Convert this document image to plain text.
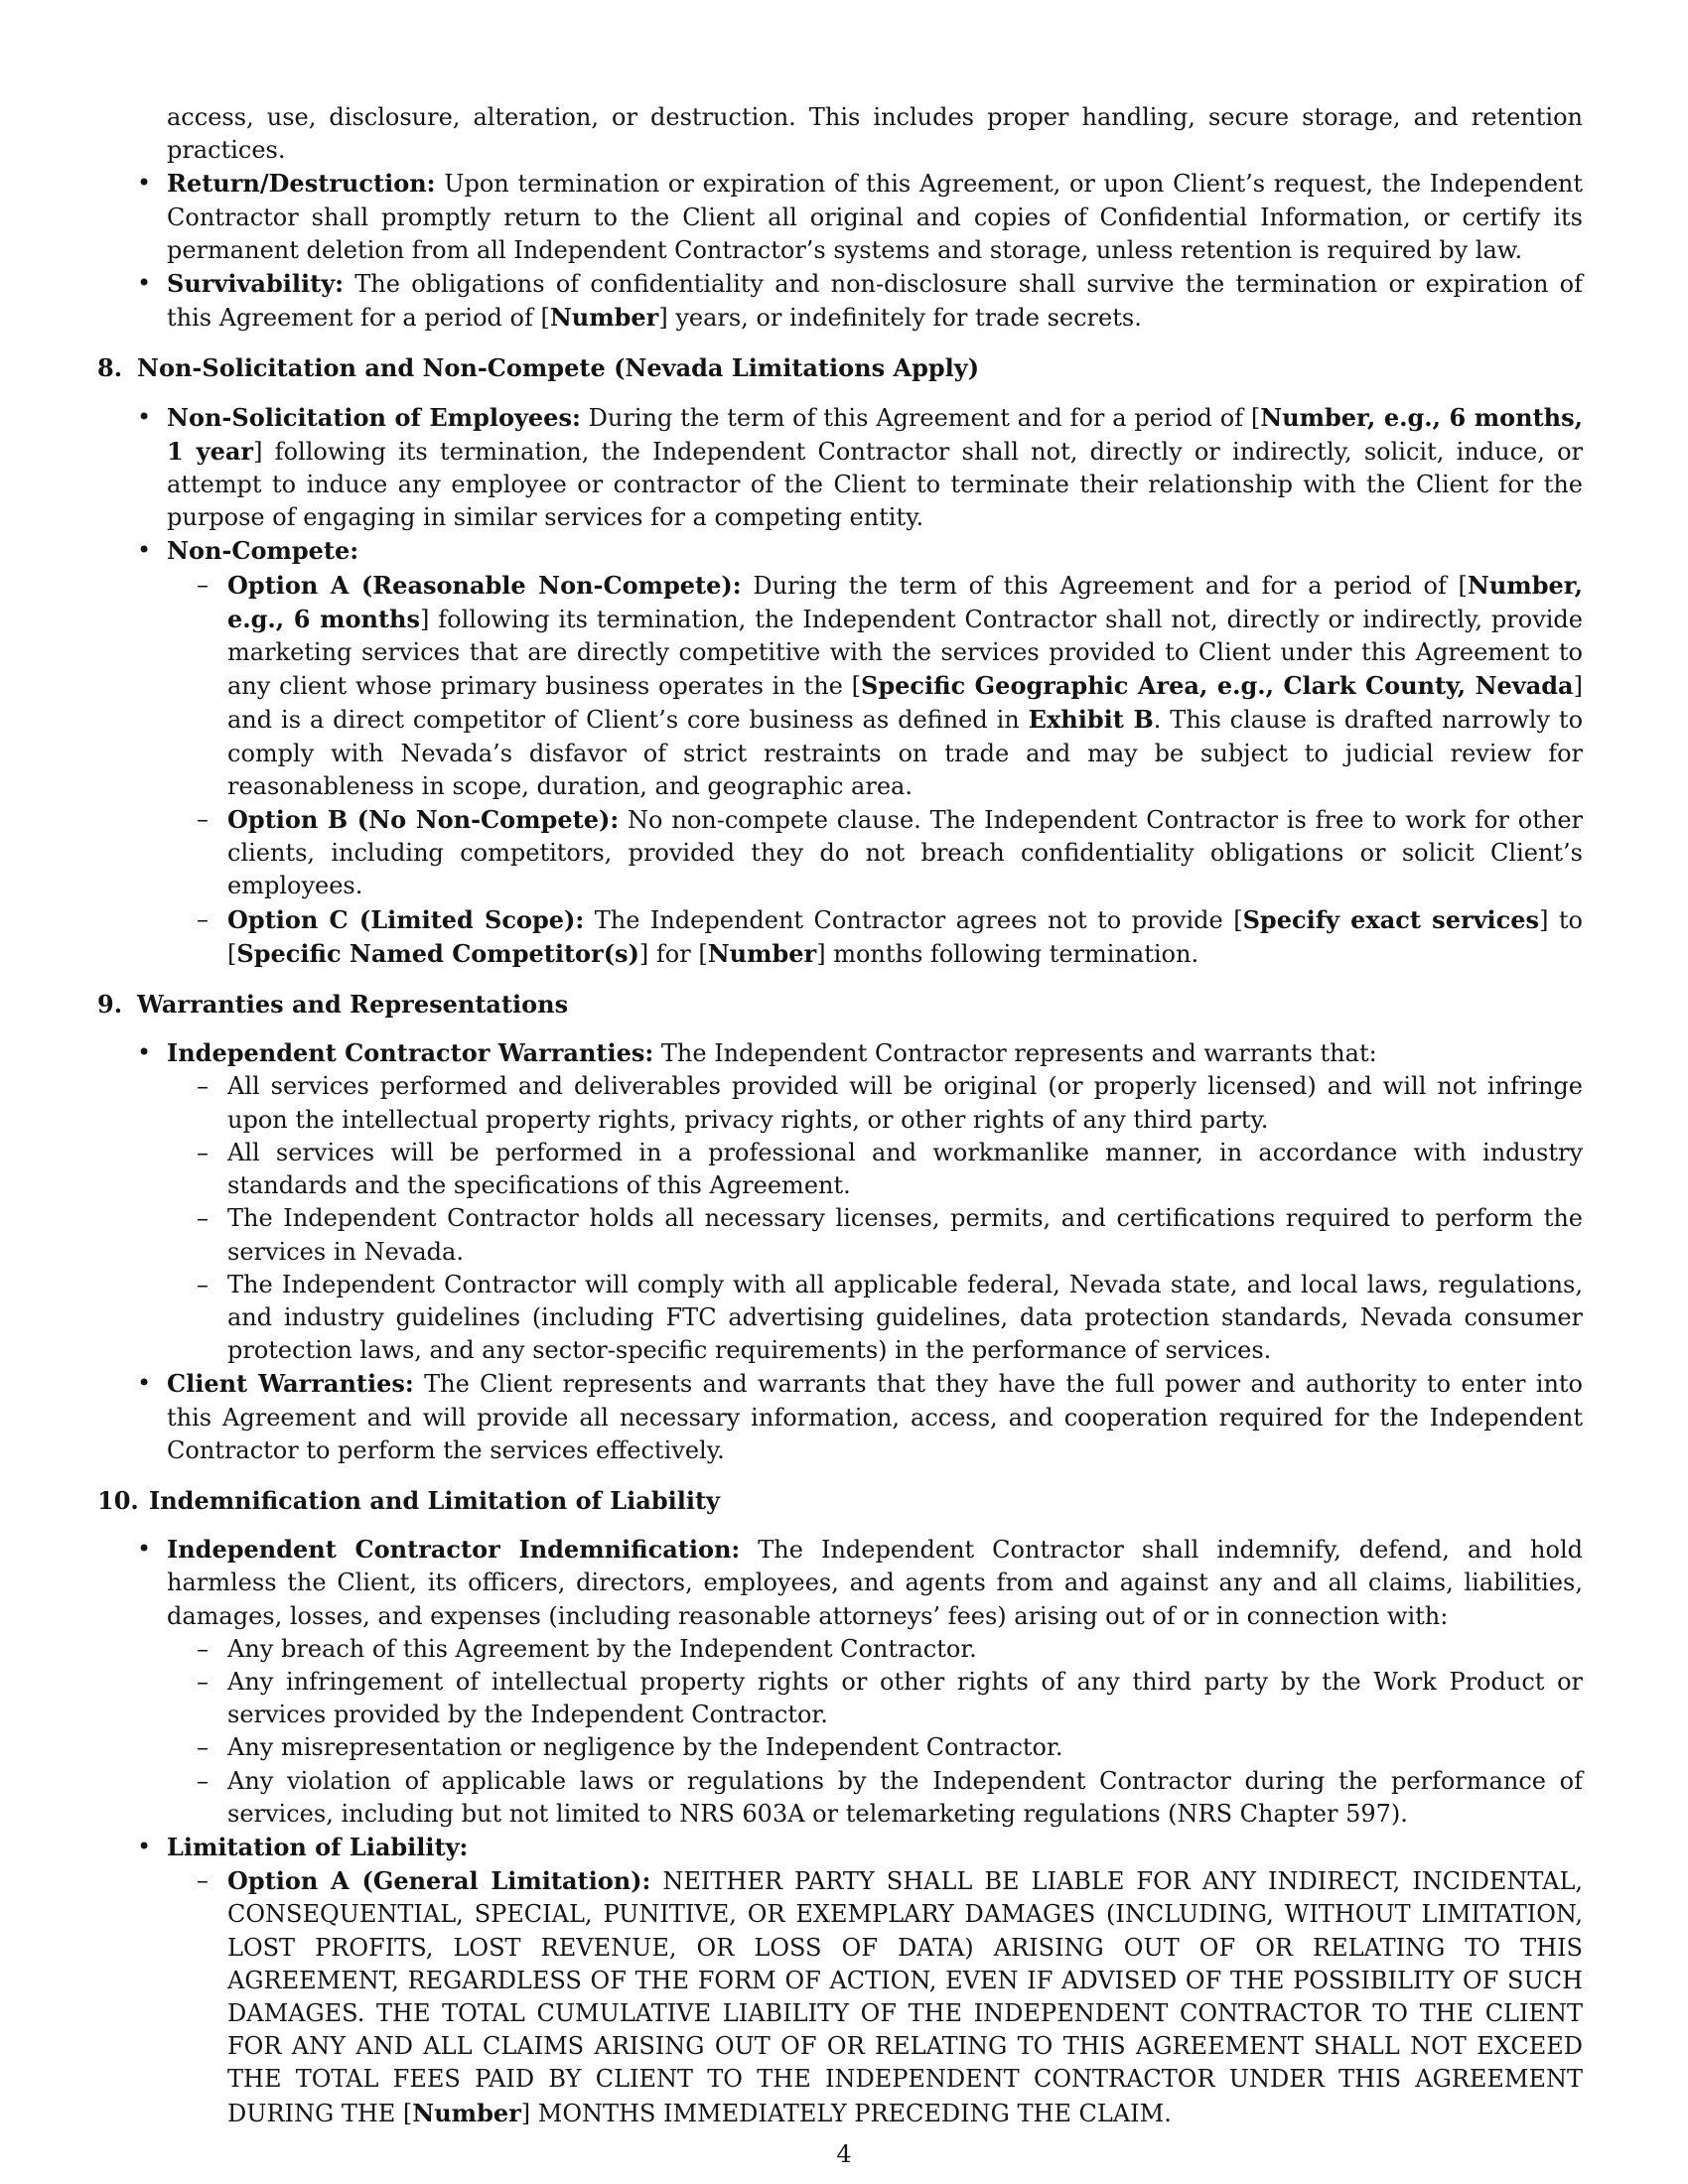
access, use, disclosure, alteration, or destruction. This includes proper handling, secure storage, and retention practices.

• Return/Destruction: Upon termination or expiration of this Agreement, or upon Client’s request, the Independent Contractor shall promptly return to the Client all original and copies of Confidential Information, or certify its permanent deletion from all Independent Contractor’s systems and storage, unless retention is required by law.

• Survivability: The obligations of confidentiality and non-disclosure shall survive the termination or expiration of this Agreement for a period of [Number] years, or indefinitely for trade secrets.

8. Non-Solicitation and Non-Compete (Nevada Limitations Apply)
• Non-Solicitation of Employees: During the term of this Agreement and for a period of [Number, e.g., 6 months, 1 year] following its termination, the Independent Contractor shall not, directly or indirectly, solicit, induce, or attempt to induce any employee or contractor of the Client to terminate their relationship with the Client for the purpose of engaging in similar services for a competing entity.

• Non-Compete:

– Option A (Reasonable Non-Compete): During the term of this Agreement and for a period of [Number, e.g., 6 months] following its termination, the Independent Contractor shall not, directly or indirectly, provide marketing services that are directly competitive with the services provided to Client under this Agreement to any client whose primary business operates in the [Specific Geographic Area, e.g., Clark County, Nevada] and is a direct competitor of Client’s core business as defined in Exhibit B. This clause is drafted narrowly to comply with Nevada’s disfavor of strict restraints on trade and may be subject to judicial review for reasonableness in scope, duration, and geographic area.

– Option B (No Non-Compete): No non-compete clause. The Independent Contractor is free to work for other clients, including competitors, provided they do not breach confidentiality obligations or solicit Client’s employees.

– Option C (Limited Scope): The Independent Contractor agrees not to provide [Specify exact services] to [Specific Named Competitor(s)] for [Number] months following termination.

9. Warranties and Representations
• Independent Contractor Warranties: The Independent Contractor represents and warrants that:

– All services performed and deliverables provided will be original (or properly licensed) and will not infringe upon the intellectual property rights, privacy rights, or other rights of any third party.

– All services will be performed in a professional and workmanlike manner, in accordance with industry standards and the specifications of this Agreement.

– The Independent Contractor holds all necessary licenses, permits, and certifications required to perform the services in Nevada.

– The Independent Contractor will comply with all applicable federal, Nevada state, and local laws, regulations, and industry guidelines (including FTC advertising guidelines, data protection standards, Nevada consumer protection laws, and any sector-specific requirements) in the performance of services.

• Client Warranties: The Client represents and warrants that they have the full power and authority to enter into this Agreement and will provide all necessary information, access, and cooperation required for the Independent Contractor to perform the services effectively.

10. Indemnification and Limitation of Liability
• Independent Contractor Indemnification: The Independent Contractor shall indemnify, defend, and hold harmless the Client, its officers, directors, employees, and agents from and against any and all claims, liabilities, damages, losses, and expenses (including reasonable attorneys’ fees) arising out of or in connection with:

– Any breach of this Agreement by the Independent Contractor.

– Any infringement of intellectual property rights or other rights of any third party by the Work Product or services provided by the Independent Contractor.

– Any misrepresentation or negligence by the Independent Contractor.

– Any violation of applicable laws or regulations by the Independent Contractor during the performance of services, including but not limited to NRS 603A or telemarketing regulations (NRS Chapter 597).

• Limitation of Liability:

– Option A (General Limitation): NEITHER PARTY SHALL BE LIABLE FOR ANY INDIRECT, INCIDENTAL, CONSEQUENTIAL, SPECIAL, PUNITIVE, OR EXEMPLARY DAMAGES (INCLUDING, WITHOUT LIMITATION, LOST PROFITS, LOST REVENUE, OR LOSS OF DATA) ARISING OUT OF OR RELATING TO THIS AGREEMENT, REGARDLESS OF THE FORM OF ACTION, EVEN IF ADVISED OF THE POSSIBILITY OF SUCH DAMAGES. THE TOTAL CUMULATIVE LIABILITY OF THE INDEPENDENT CONTRACTOR TO THE CLIENT FOR ANY AND ALL CLAIMS ARISING OUT OF OR RELATING TO THIS AGREEMENT SHALL NOT EXCEED THE TOTAL FEES PAID BY CLIENT TO THE INDEPENDENT CONTRACTOR UNDER THIS AGREEMENT DURING THE [Number] MONTHS IMMEDIATELY PRECEDING THE CLAIM.

4
